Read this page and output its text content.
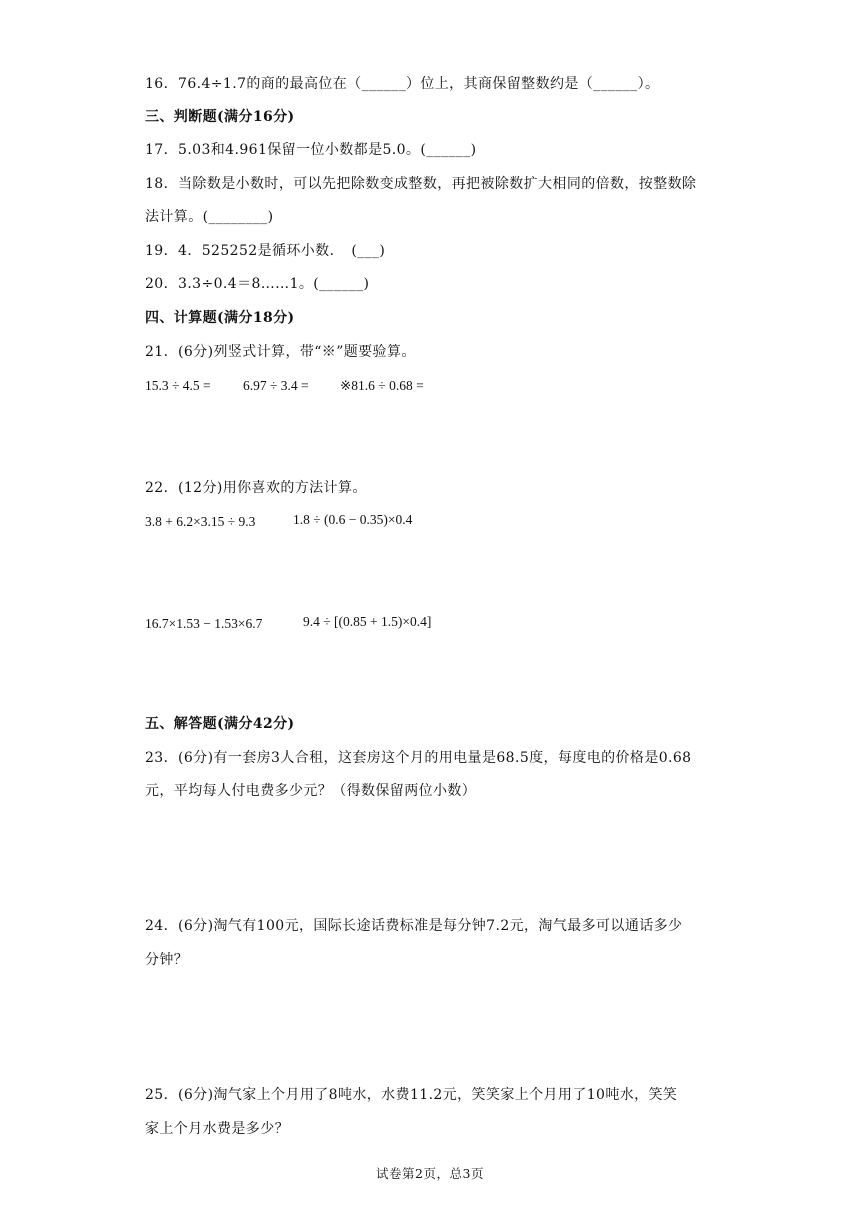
16．76.4÷1.7的商的最高位在（______）位上，其商保留整数约是（______）。
三、判断题(满分16分)
17．5.03和4.961保留一位小数都是5.0。(______)
18．当除数是小数时，可以先把除数变成整数，再把被除数扩大相同的倍数，按整数除
法计算。(________)
19．4．525252是循环小数．　(___)
20．3.3÷0.4＝8……1。(______)
四、计算题(满分18分)
21．(6分)列竖式计算，带“※”题要验算。
15.3 ÷ 4.5 = 6.97 ÷ 3.4 = ※81.6 ÷ 0.68 =
22．(12分)用你喜欢的方法计算。
3.8 + 6.2×3.15 ÷ 9.3	1.8 ÷ (0.6 − 0.35)×0.4
16.7×1.53 − 1.53×6.7	9.4 ÷ [(0.85 + 1.5)×0.4]
五、解答题(满分42分)
23．(6分)有一套房3人合租，这套房这个月的用电量是68.5度，每度电的价格是0.68
元，平均每人付电费多少元？（得数保留两位小数）
24．(6分)淘气有100元，国际长途话费标准是每分钟7.2元，淘气最多可以通话多少
分钟？
25．(6分)淘气家上个月用了8吨水，水费11.2元，笑笑家上个月用了10吨水，笑笑
家上个月水费是多少？
试卷第2页，总3页
